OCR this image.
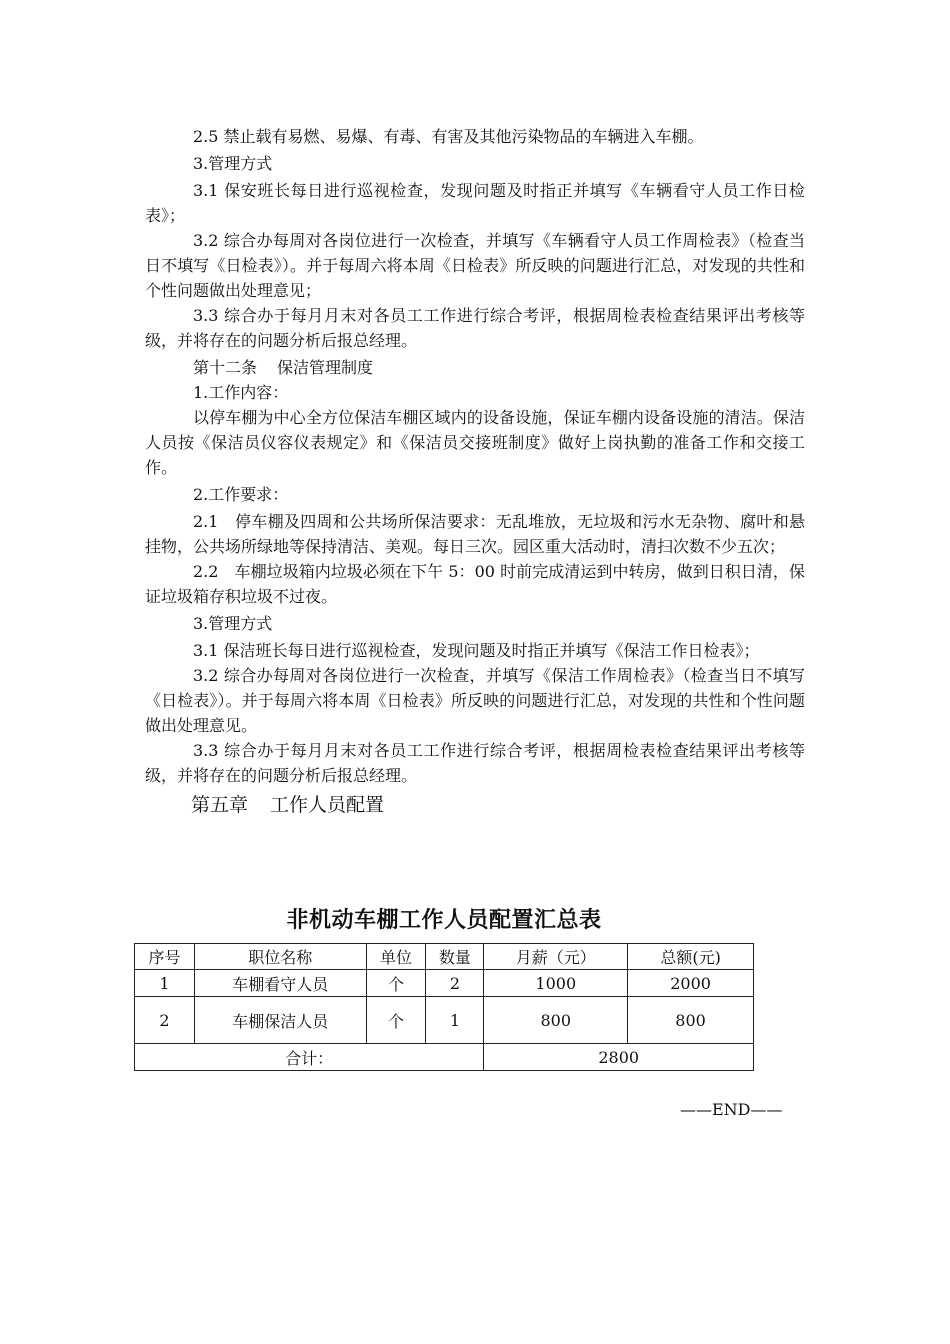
2.5 禁止载有易燃、易爆、有毒、有害及其他污染物品的车辆进入车棚。

3.管理方式

3.1 保安班长每日进行巡视检查，发现问题及时指正并填写《车辆看守人员工作日检表》；

3.2 综合办每周对各岗位进行一次检查，并填写《车辆看守人员工作周检表》（检查当日不填写《日检表》）。并于每周六将本周《日检表》所反映的问题进行汇总，对发现的共性和个性问题做出处理意见；

3.3 综合办于每月月末对各员工工作进行综合考评，根据周检表检查结果评出考核等级，并将存在的问题分析后报总经理。

第十二条 保洁管理制度

1.工作内容：

以停车棚为中心全方位保洁车棚区域内的设备设施，保证车棚内设备设施的清洁。保洁人员按《保洁员仪容仪表规定》和《保洁员交接班制度》做好上岗执勤的准备工作和交接工作。

2.工作要求：

2.1　停车棚及四周和公共场所保洁要求：无乱堆放，无垃圾和污水无杂物、腐叶和悬挂物，公共场所绿地等保持清洁、美观。每日三次。园区重大活动时，清扫次数不少五次；

2.2　车棚垃圾箱内垃圾必须在下午 5：00 时前完成清运到中转房，做到日积日清，保证垃圾箱存积垃圾不过夜。

3.管理方式

3.1 保洁班长每日进行巡视检查，发现问题及时指正并填写《保洁工作日检表》；

3.2 综合办每周对各岗位进行一次检查，并填写《保洁工作周检表》（检查当日不填写《日检表》）。并于每周六将本周《日检表》所反映的问题进行汇总，对发现的共性和个性问题做出处理意见。

3.3 综合办于每月月末对各员工工作进行综合考评，根据周检表检查结果评出考核等级，并将存在的问题分析后报总经理。

第五章 工作人员配置

非机动车棚工作人员配置汇总表
序号	职位名称	单位	数量	月薪（元）	总额(元)
1	车棚看守人员	个	2	1000	2000
2	车棚保洁人员	个	1	800	800
合计：				2800	
——END——
